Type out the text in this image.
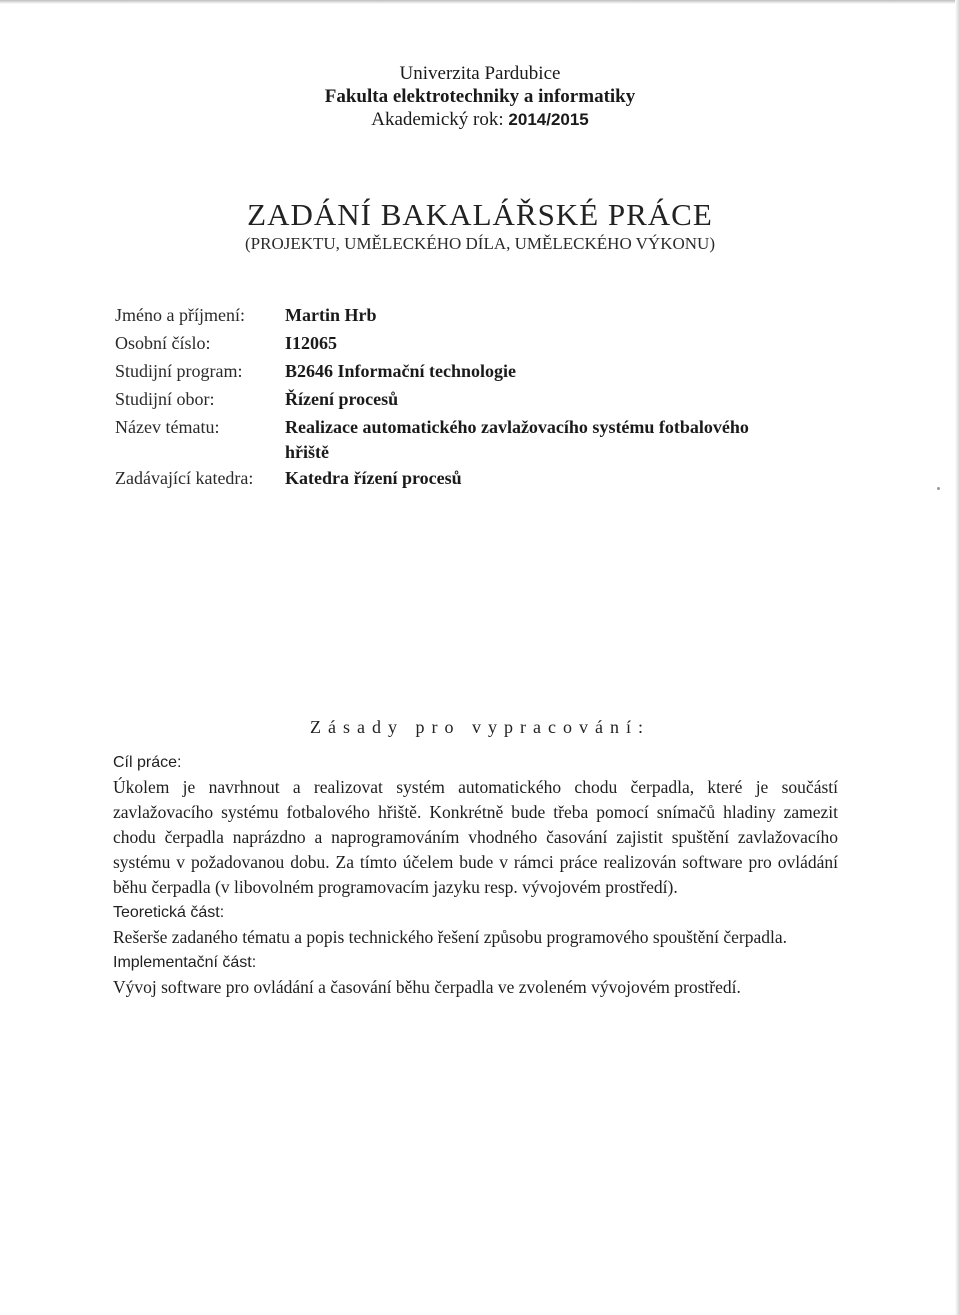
Univerzita Pardubice
Fakulta elektrotechniky a informatiky
Akademický rok: 2014/2015
ZADÁNÍ BAKALÁŘSKÉ PRÁCE
(PROJEKTU, UMĚLECKÉHO DÍLA, UMĚLECKÉHO VÝKONU)
Jméno a příjmení:	Martin Hrb
Osobní číslo:	I12065
Studijní program:	B2646 Informační technologie
Studijní obor:	Řízení procesů
Název tématu:	Realizace automatického zavlažovacího systému fotbalového
hřiště
Zadávající katedra:	Katedra řízení procesů
Zásady pro vypracování:
Cíl práce:

Úkolem je navrhnout a realizovat systém automatického chodu čerpadla, které je součástí zavlažovacího systému fotbalového hřiště. Konkrétně bude třeba pomocí snímačů hladiny zamezit chodu čerpadla naprázdno a naprogramováním vhodného časování zajistit spuštění zavlažovacího systému v požadovanou dobu. Za tímto účelem bude v rámci práce realizován software pro ovládání běhu čerpadla (v libovolném programovacím jazyku resp. vývojovém prostředí).

Teoretická část:

Rešerše zadaného tématu a popis technického řešení způsobu programového spouštění čerpadla.

Implementační část:

Vývoj software pro ovládání a časování běhu čerpadla ve zvoleném vývojovém prostředí.
